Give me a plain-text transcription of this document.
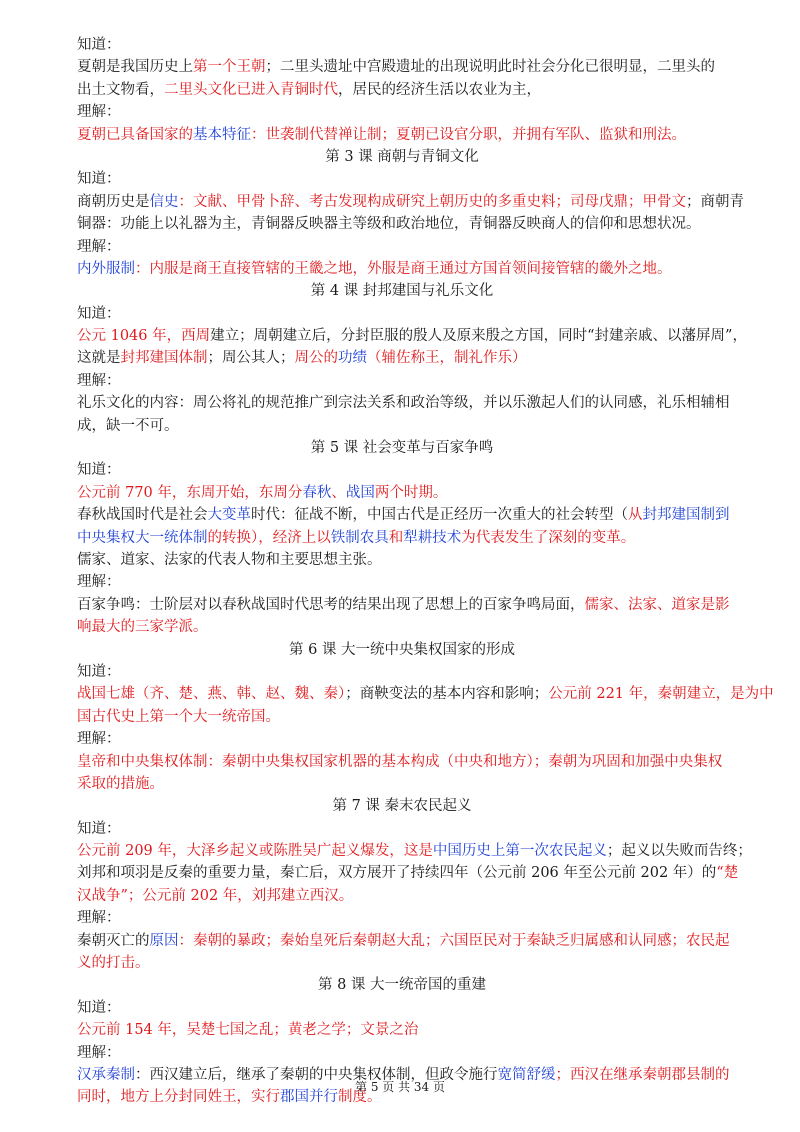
知道：
夏朝是我国历史上第一个王朝；二里头遗址中宫殿遗址的出现说明此时社会分化已很明显，二里头的
出土文物看，二里头文化已进入青铜时代，居民的经济生活以农业为主，
理解：
夏朝已具备国家的基本特征：世袭制代替禅让制；夏朝已设官分职，并拥有军队、监狱和刑法。
第 3 课 商朝与青铜文化
知道：
商朝历史是信史：文献、甲骨卜辞、考古发现构成研究上朝历史的多重史料；司母戊鼎；甲骨文；商朝青
铜器：功能上以礼器为主，青铜器反映器主等级和政治地位，青铜器反映商人的信仰和思想状况。
理解：
内外服制：内服是商王直接管辖的王畿之地，外服是商王通过方国首领间接管辖的畿外之地。
第 4 课 封邦建国与礼乐文化
知道：
公元 1046 年，西周建立；周朝建立后，分封臣服的殷人及原来殷之方国，同时“封建亲戚、以藩屏周”，
这就是封邦建国体制；周公其人；周公的功绩（辅佐称王，制礼作乐）
理解：
礼乐文化的内容：周公将礼的规范推广到宗法关系和政治等级，并以乐激起人们的认同感，礼乐相辅相
成，缺一不可。
第 5 课 社会变革与百家争鸣
知道：
公元前 770 年，东周开始，东周分春秋、战国两个时期。
春秋战国时代是社会大变革时代：征战不断，中国古代是正经历一次重大的社会转型（从封邦建国制到
中央集权大一统体制的转换），经济上以铁制农具和犁耕技术为代表发生了深刻的变革。
儒家、道家、法家的代表人物和主要思想主张。
理解：
百家争鸣：士阶层对以春秋战国时代思考的结果出现了思想上的百家争鸣局面，儒家、法家、道家是影
响最大的三家学派。
第 6 课 大一统中央集权国家的形成
知道：
战国七雄（齐、楚、燕、韩、赵、魏、秦）；商鞅变法的基本内容和影响；公元前 221 年，秦朝建立，是为中
国古代史上第一个大一统帝国。
理解：
皇帝和中央集权体制：秦朝中央集权国家机器的基本构成（中央和地方）；秦朝为巩固和加强中央集权
采取的措施。
第 7 课 秦末农民起义
知道：
公元前 209 年，大泽乡起义或陈胜吴广起义爆发，这是中国历史上第一次农民起义；起义以失败而告终；
刘邦和项羽是反秦的重要力量，秦亡后，双方展开了持续四年（公元前 206 年至公元前 202 年）的“楚
汉战争”；公元前 202 年，刘邦建立西汉。
理解：
秦朝灭亡的原因：秦朝的暴政；秦始皇死后秦朝赵大乱；六国臣民对于秦缺乏归属感和认同感；农民起
义的打击。
第 8 课 大一统帝国的重建
知道：
公元前 154 年，吴楚七国之乱；黄老之学；文景之治
理解：
汉承秦制：西汉建立后，继承了秦朝的中央集权体制，但政令施行宽简舒缓；西汉在继承秦朝郡县制的
同时，地方上分封同姓王，实行郡国并行制度。
第 5 页 共 34 页
